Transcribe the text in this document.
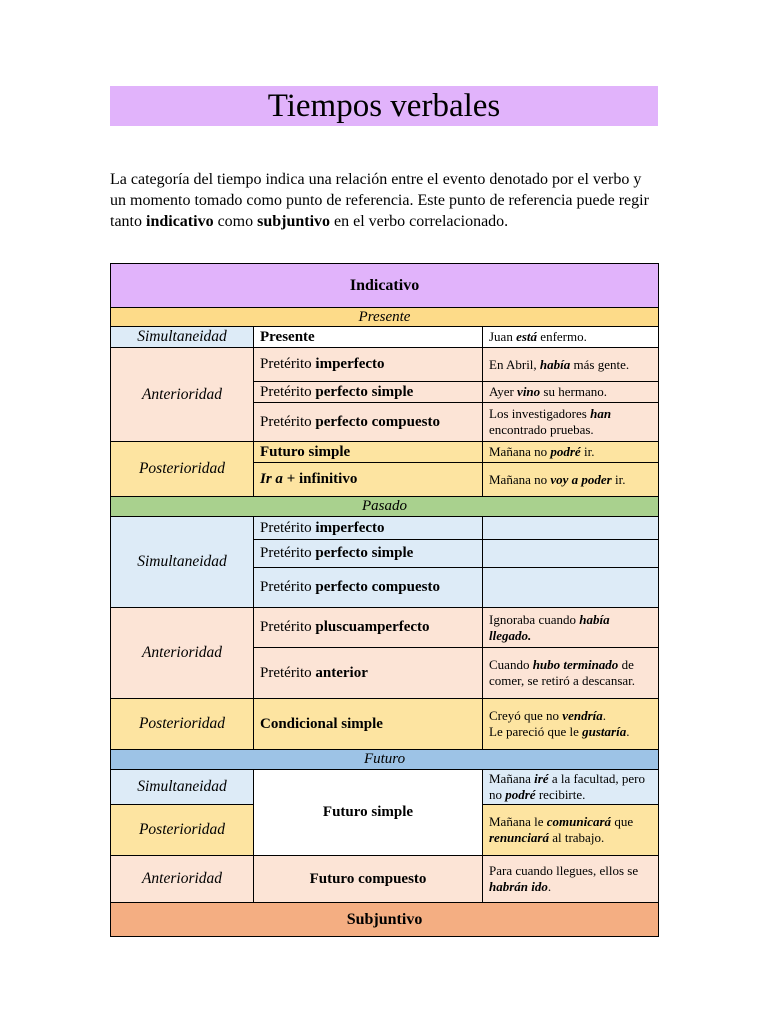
Tiempos verbales

La categoría del tiempo indica una relación entre el evento denotado por el verbo y un momento tomado como punto de referencia. Este punto de referencia puede regir tanto indicativo como subjuntivo en el verbo correlacionado.

Indicativo		
Presente		
Simultaneidad	Presente	Juan está enfermo.
Anterioridad	Pretérito imperfecto	En Abril, había más gente.
	Pretérito perfecto simple	Ayer vino su hermano.
	Pretérito perfecto compuesto	Los investigadores han encontrado pruebas.
Posterioridad	Futuro simple	Mañana no podré ir.
	Ir a + infinitivo	Mañana no voy a poder ir.
Pasado		
Simultaneidad	Pretérito imperfecto	
	Pretérito perfecto simple	
	Pretérito perfecto compuesto	
Anterioridad	Pretérito pluscuamperfecto	Ignoraba cuando había llegado.
	Pretérito anterior	Cuando hubo terminado de comer, se retiró a descansar.
Posterioridad	Condicional simple	Creyó que no vendría.
Le pareció que le gustaría.
Futuro		
Simultaneidad	Futuro simple	Mañana iré a la facultad, pero no podré recibirte.
Posterioridad		Mañana le comunicará que renunciará al trabajo.
Anterioridad	Futuro compuesto	Para cuando llegues, ellos se habrán ido.
Subjuntivo		
